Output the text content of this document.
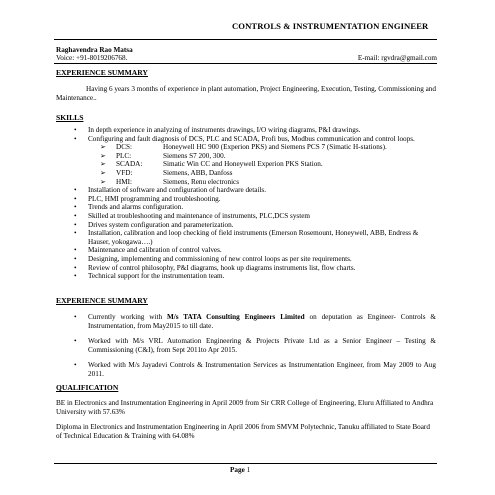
CONTROLS & INSTRUMENTATION ENGINEER
Raghavendra Rao Matsa
Voice: +91-8019206768.	E-mail: rgvdra@gmail.com
EXPERIENCE SUMMARY
Having 6 years 3 months of experience in plant automation, Project Engineering, Execution, Testing, Commissioning and Maintenance..
SKILLS
• In depth experience in analyzing of instruments drawings, I/O wiring diagrams, P&I drawings.
• Configuring and fault diagnosis of DCS, PLC and SCADA, Profi bus, Modbus communication and control loops.
➢ DCS:	Honeywell HC 900 (Experion PKS) and Siemens PCS 7 (Simatic H-stations).
➢ PLC:	Siemens S7 200, 300.
➢ SCADA:	Simatic Win CC and Honeywell Experion PKS Station.
➢ VFD:	Siemens, ABB, Danfoss
➢ HMI:	Siemens, Renu electronics
• Installation of software and configuration of hardware details.
• PLC, HMI programming and troubleshooting.
• Trends and alarms configuration.
• Skilled at troubleshooting and maintenance of instruments, PLC,DCS system
• Drives system configuration and parameterization.
• Installation, calibration and loop checking of field instruments (Emerson Rosemount, Honeywell, ABB, Endress & Hauser, yokogawa….)
• Maintenance and calibration of control valves.
• Designing, implementing and commissioning of new control loops as per site requirements.
• Review of control philosophy, P&I diagrams, hook up diagrams instruments list, flow charts.
• Technical support for the instrumentation team.
EXPERIENCE SUMMARY
• Currently working with M/s TATA Consulting Engineers Limited on deputation as Engineer- Controls & Instrumentation, from May2015 to till date.
• Worked with M/s VRL Automation Engineering & Projects Private Ltd as a Senior Engineer – Testing & Commissioning (C&I), from Sept 2011to Apr 2015.
• Worked with M/s Jayadevi Controls & Instrumentation Services as Instrumentation Engineer, from May 2009 to Aug 2011.
QUALIFICATION
BE in Electronics and Instrumentation Engineering in April 2009 from Sir CRR College of Engineering, Eluru Affiliated to Andhra University with 57.63%
Diploma in Electronics and Instrumentation Engineering in April 2006 from SMVM Polytechnic, Tanuku affiliated to State Board of Technical Education & Training with 64.08%
Page 1
